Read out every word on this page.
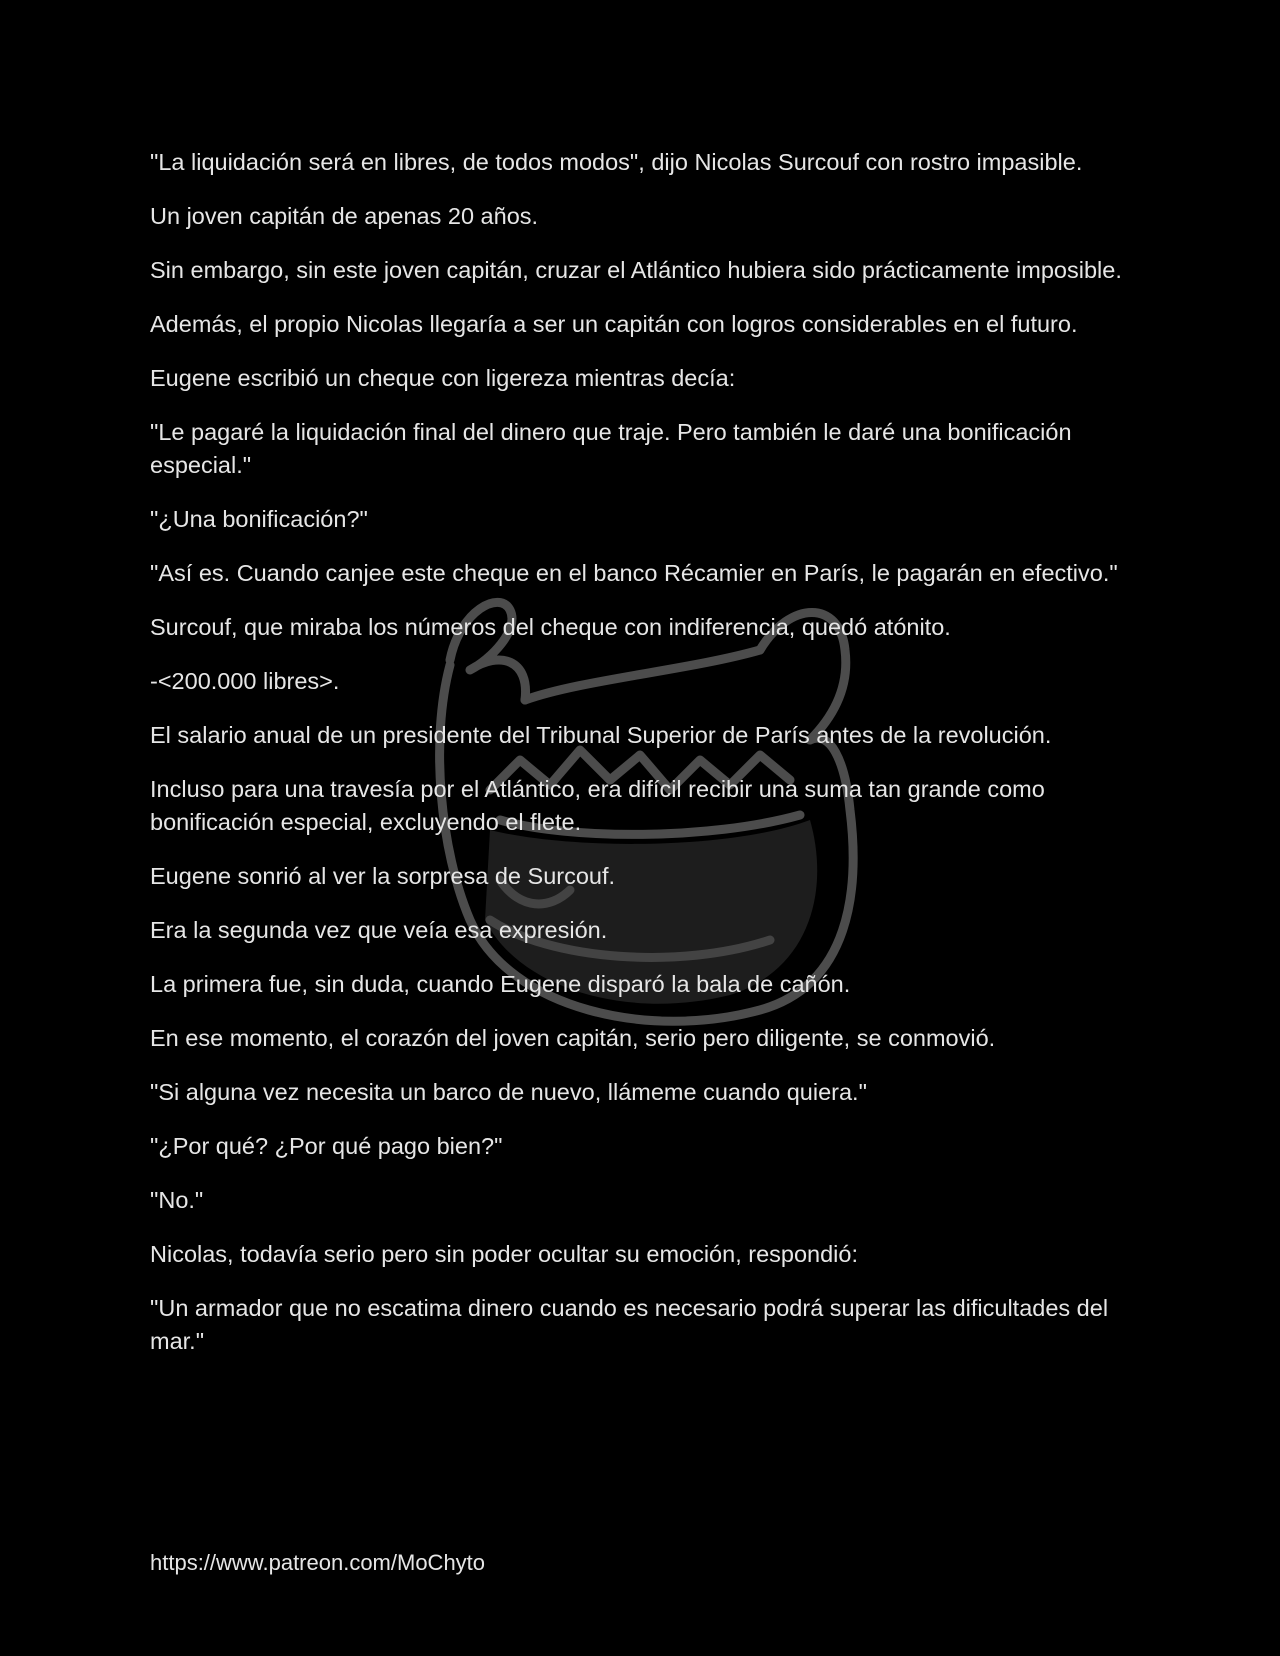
"La liquidación será en libres, de todos modos", dijo Nicolas Surcouf con rostro impasible.

Un joven capitán de apenas 20 años.

Sin embargo, sin este joven capitán, cruzar el Atlántico hubiera sido prácticamente imposible.

Además, el propio Nicolas llegaría a ser un capitán con logros considerables en el futuro.

Eugene escribió un cheque con ligereza mientras decía:

"Le pagaré la liquidación final del dinero que traje. Pero también le daré una bonificación especial."

"¿Una bonificación?"

"Así es. Cuando canjee este cheque en el banco Récamier en París, le pagarán en efectivo."

Surcouf, que miraba los números del cheque con indiferencia, quedó atónito.

-<200.000 libres>.

El salario anual de un presidente del Tribunal Superior de París antes de la revolución.

Incluso para una travesía por el Atlántico, era difícil recibir una suma tan grande como bonificación especial, excluyendo el flete.

Eugene sonrió al ver la sorpresa de Surcouf.

Era la segunda vez que veía esa expresión.

La primera fue, sin duda, cuando Eugene disparó la bala de cañón.

En ese momento, el corazón del joven capitán, serio pero diligente, se conmovió.

"Si alguna vez necesita un barco de nuevo, llámeme cuando quiera."

"¿Por qué? ¿Por qué pago bien?"

"No."

Nicolas, todavía serio pero sin poder ocultar su emoción, respondió:

"Un armador que no escatima dinero cuando es necesario podrá superar las dificultades del mar."

https://www.patreon.com/MoChyto
